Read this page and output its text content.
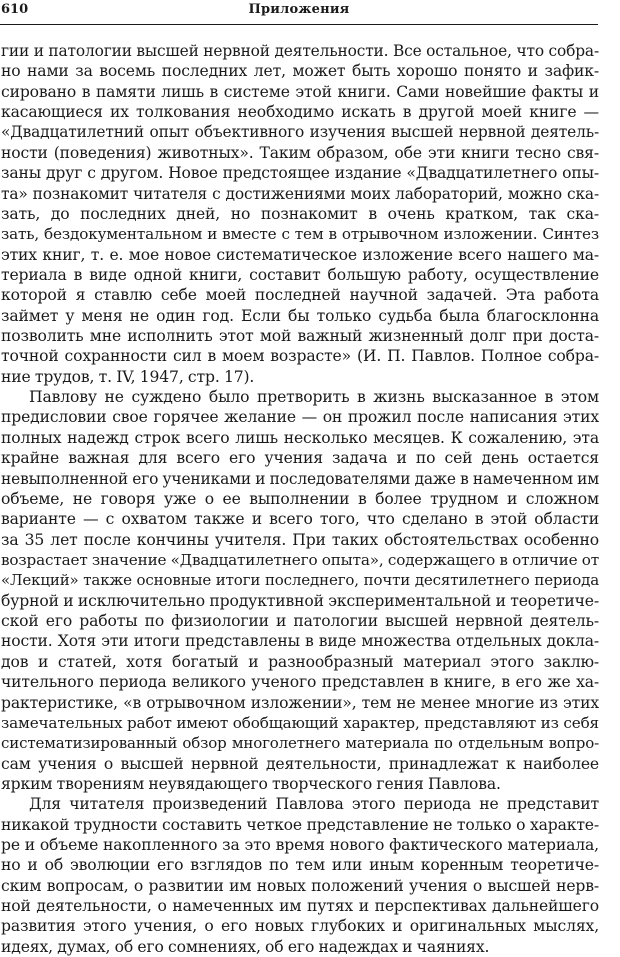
610	Приложения
гии и патологии высшей нервной деятельности. Все остальное, что собра-
но нами за восемь последних лет, может быть хорошо понято и зафик-
сировано в памяти лишь в системе этой книги. Сами новейшие факты и
касающиеся их толкования необходимо искать в другой моей книге —
«Двадцатилетний опыт объективного изучения высшей нервной деятель-
ности (поведения) животных». Таким образом, обе эти книги тесно свя-
заны друг с другом. Новое предстоящее издание «Двадцатилетнего опы-
та» познакомит читателя с достижениями моих лабораторий, можно ска-
зать, до последних дней, но познакомит в очень кратком, так ска-
зать, бездокументальном и вместе с тем в отрывочном изложении. Синтез
этих книг, т. е. мое новое систематическое изложение всего нашего ма-
териала в виде одной книги, составит большую работу, осуществление
которой я ставлю себе моей последней научной задачей. Эта работа
займет у меня не один год. Если бы только судьба была благосклонна
позволить мне исполнить этот мой важный жизненный долг при доста-
точной сохранности сил в моем возрасте» (И. П. Павлов. Полное собра-
ние трудов, т. IV, 1947, стр. 17).
Павлову не суждено было претворить в жизнь высказанное в этом
предисловии свое горячее желание — он прожил после написания этих
полных надежд строк всего лишь несколько месяцев. К сожалению, эта
крайне важная для всего его учения задача и по сей день остается
невыполненной его учениками и последователями даже в намеченном им
объеме, не говоря уже о ее выполнении в более трудном и сложном
варианте — с охватом также и всего того, что сделано в этой области
за 35 лет после кончины учителя. При таких обстоятельствах особенно
возрастает значение «Двадцатилетнего опыта», содержащего в отличие от
«Лекций» также основные итоги последнего, почти десятилетнего периода
бурной и исключительно продуктивной экспериментальной и теоретиче-
ской его работы по физиологии и патологии высшей нервной деятель-
ности. Хотя эти итоги представлены в виде множества отдельных доклa-
дов и статей, хотя богатый и разнообразный материал этого заклю-
чительного периода великого ученого представлен в книге, в его же ха-
рактеристике, «в отрывочном изложении», тем не менее многие из этих
замечательных работ имеют обобщающий характер, представляют из себя
систематизированный обзор многолетнего материала по отдельным вопро-
сам учения о высшей нервной деятельности, принадлежат к наиболее
ярким творениям неувядающего творческого гения Павлова.
Для читателя произведений Павлова этого периода не представит
никакой трудности составить четкое представление не только о характе-
ре и объеме накопленного за это время нового фактического материала,
но и об эволюции его взглядов по тем или иным коренным теоретиче-
ским вопросам, о развитии им новых положений учения о высшей нерв-
ной деятельности, о намеченных им путях и перспективах дальнейшего
развития этого учения, о его новых глубоких и оригинальных мыслях,
идеях, думах, об его сомнениях, об его надеждах и чаяниях.
